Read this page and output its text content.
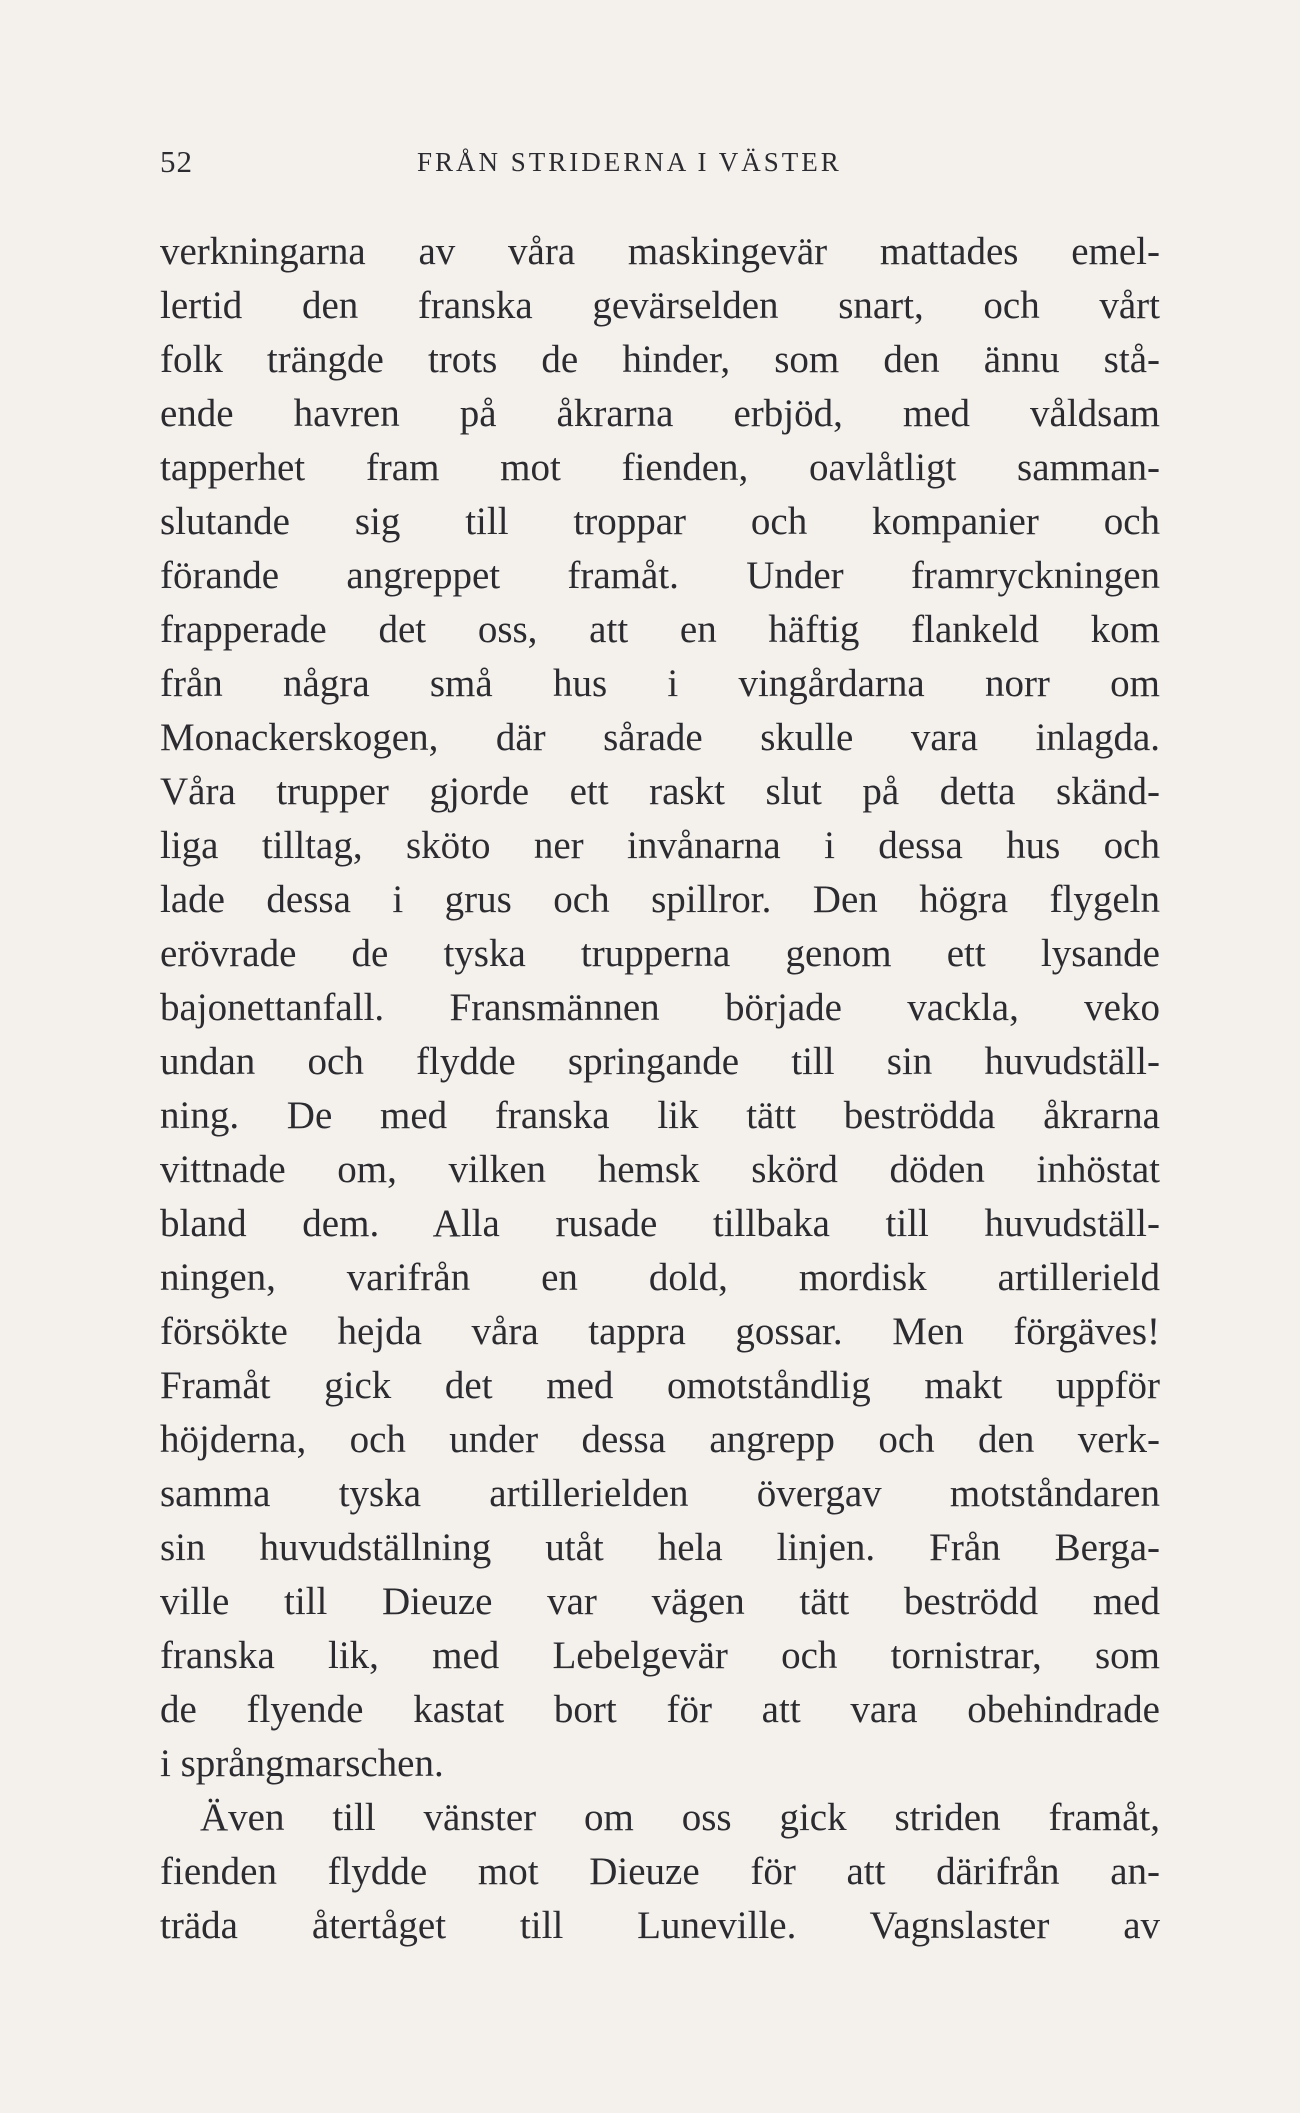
52	FRÅN STRIDERNA I VÄSTER
verkningarna av våra maskingevär mattades emel-
lertid den franska gevärselden snart, och vårt
folk trängde trots de hinder, som den ännu stå-
ende havren på åkrarna erbjöd, med våldsam
tapperhet fram mot fienden, oavlåtligt samman-
slutande sig till troppar och kompanier och
förande angreppet framåt. Under framryckningen
frapperade det oss, att en häftig flankeld kom
från några små hus i vingårdarna norr om
Monackerskogen, där sårade skulle vara inlagda.
Våra trupper gjorde ett raskt slut på detta skänd-
liga tilltag, sköto ner invånarna i dessa hus och
lade dessa i grus och spillror. Den högra flygeln
erövrade de tyska trupperna genom ett lysande
bajonettanfall. Fransmännen började vackla, veko
undan och flydde springande till sin huvudställ-
ning. De med franska lik tätt beströdda åkrarna
vittnade om, vilken hemsk skörd döden inhöstat
bland dem. Alla rusade tillbaka till huvudställ-
ningen, varifrån en dold, mordisk artillerield
försökte hejda våra tappra gossar. Men förgäves!
Framåt gick det med omotståndlig makt uppför
höjderna, och under dessa angrepp och den verk-
samma tyska artillerielden övergav motståndaren
sin huvudställning utåt hela linjen. Från Berga-
ville till Dieuze var vägen tätt beströdd med
franska lik, med Lebelgevär och tornistrar, som
de flyende kastat bort för att vara obehindrade
i språngmarschen.
Även till vänster om oss gick striden framåt,
fienden flydde mot Dieuze för att därifrån an-
träda återtåget till Luneville. Vagnslaster av
